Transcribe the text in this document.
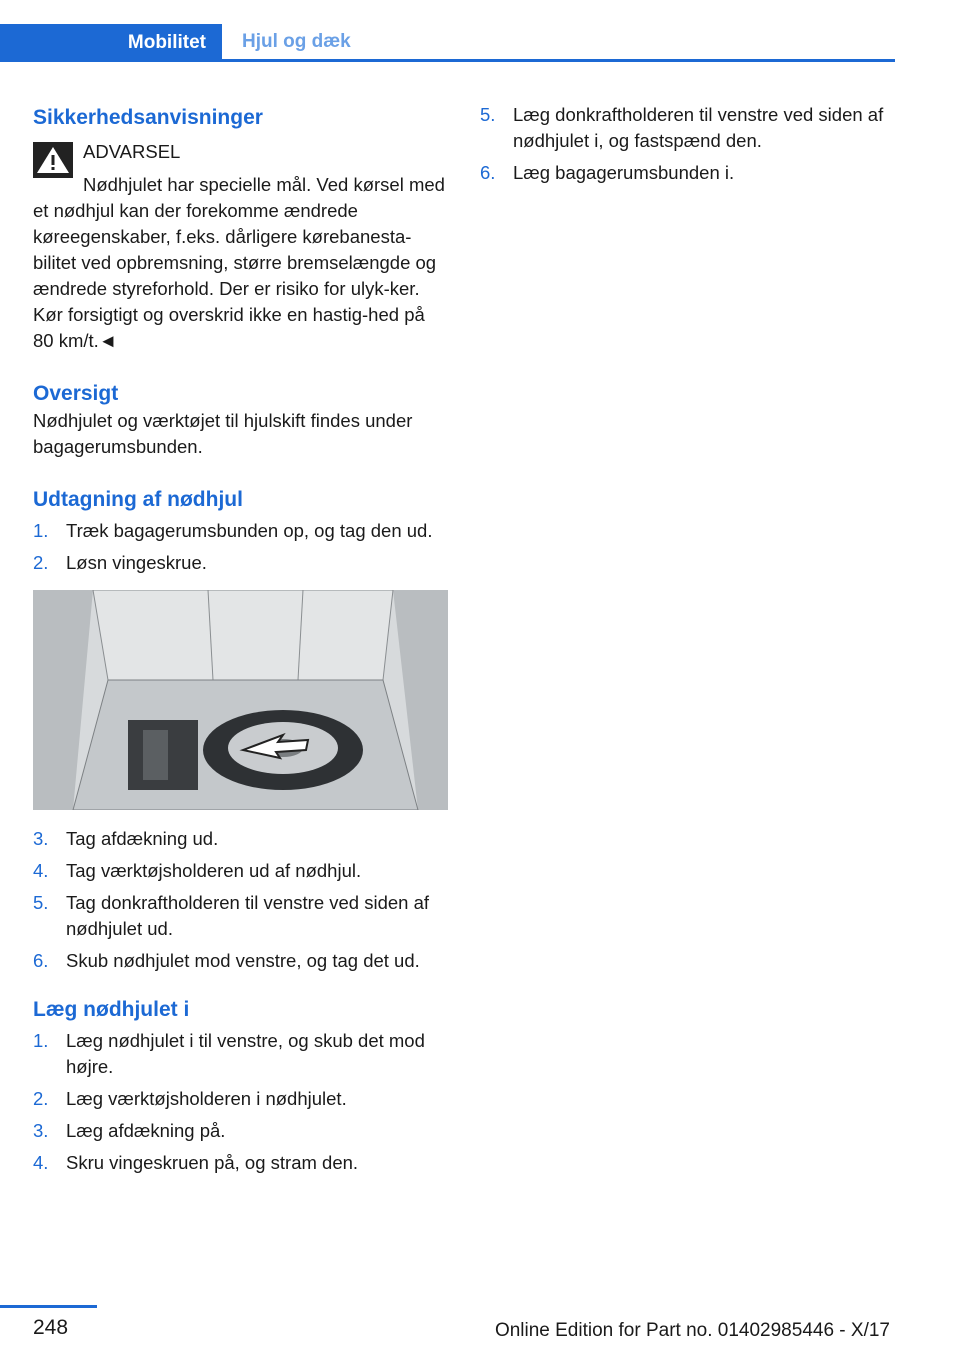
Mobilitet	Hjul og dæk
Sikkerhedsanvisninger
ADVARSEL

Nødhjulet har specielle mål. Ved kørsel med et nødhjul kan der forekomme ændrede køreegenskaber, f.eks. dårligere kørebanesta-bilitet ved opbremsning, større bremselængde og ændrede styreforhold. Der er risiko for ulyk-ker. Kør forsigtigt og overskrid ikke en hastig-hed på 80 km/t.◄

Oversigt

Nødhjulet og værktøjet til hjulskift findes under bagagerumsbunden.

Udtagning af nødhjul
1. Træk bagagerumsbunden op, og tag den ud.
2. Løsn vingeskrue.
3. Tag afdækning ud.
4. Tag værktøjsholderen ud af nødhjul.
5. Tag donkraftholderen til venstre ved siden af nødhjulet ud.
6. Skub nødhjulet mod venstre, og tag det ud.
Læg nødhjulet i
1. Læg nødhjulet i til venstre, og skub det mod højre.
2. Læg værktøjsholderen i nødhjulet.
3. Læg afdækning på.
4. Skru vingeskruen på, og stram den.
5. Læg donkraftholderen til venstre ved siden af nødhjulet i, og fastspænd den.
6. Læg bagagerumsbunden i.
248	Online Edition for Part no. 01402985446 - X/17
